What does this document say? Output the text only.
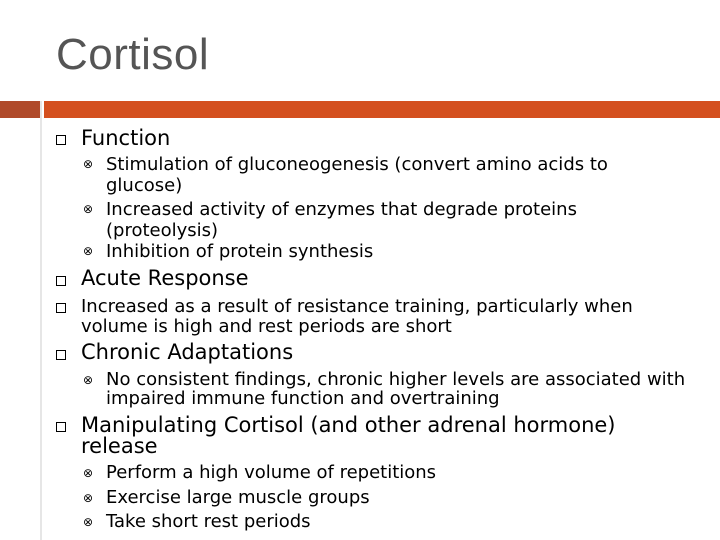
Cortisol
Function
⊗ Stimulation of gluconeogenesis (convert amino acids to glucose)
⊗ Increased activity of enzymes that degrade proteins (proteolysis)
⊗ Inhibition of protein synthesis
Acute Response
Increased as a result of resistance training, particularly when volume is high and rest periods are short
Chronic Adaptations
⊗ No consistent findings, chronic higher levels are associated with impaired immune function and overtraining
Manipulating Cortisol (and other adrenal hormone) release
⊗ Perform a high volume of repetitions
⊗ Exercise large muscle groups
⊗ Take short rest periods
